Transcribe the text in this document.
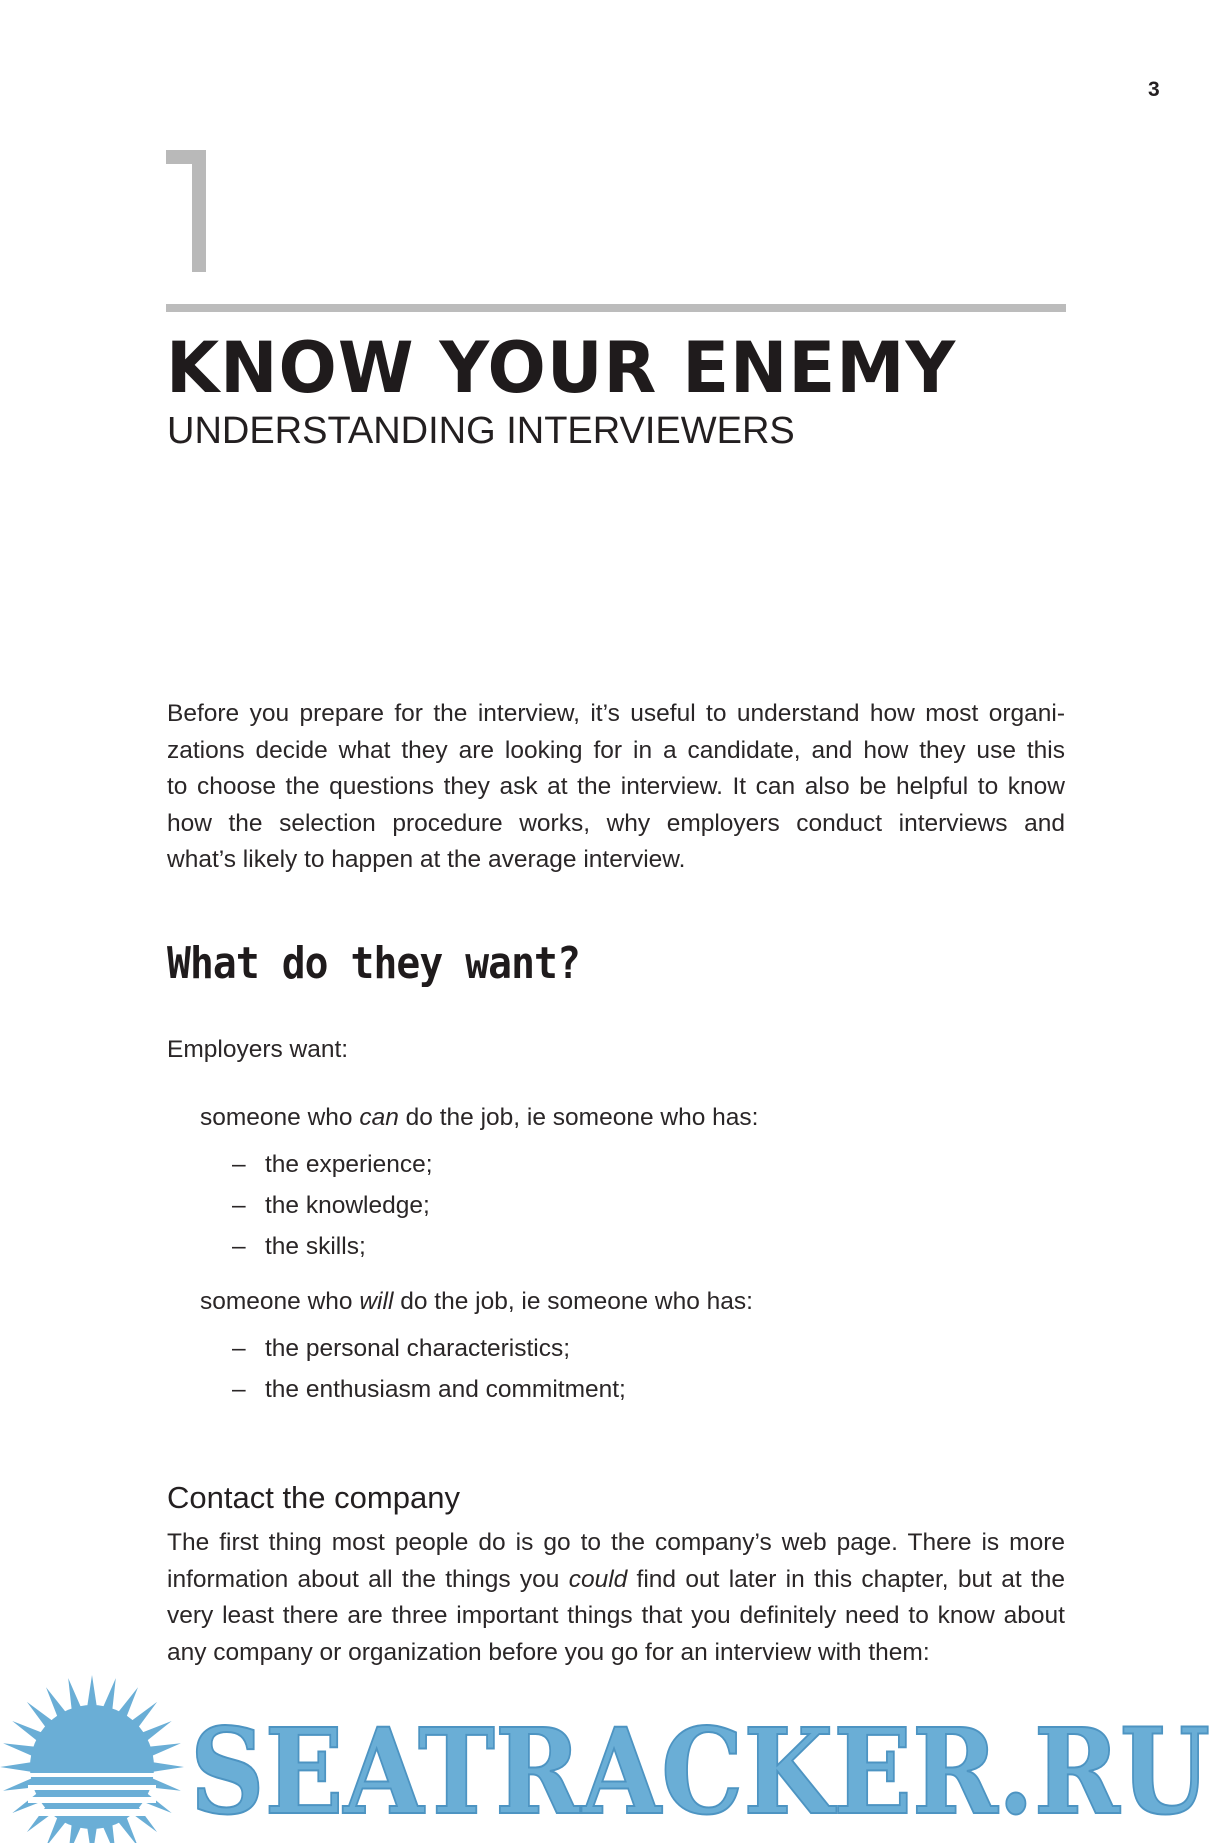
3
KNOW YOUR ENEMY
UNDERSTANDING INTERVIEWERS
Before you prepare for the interview, it’s useful to understand how most organi-
zations decide what they are looking for in a candidate, and how they use this
to choose the questions they ask at the interview. It can also be helpful to know
how the selection procedure works, why employers conduct interviews and
what’s likely to happen at the average interview.
What do they want?
Employers want:
someone who can do the job, ie someone who has:
– the experience;
– the knowledge;
– the skills;
someone who will do the job, ie someone who has:
– the personal characteristics;
– the enthusiasm and commitment;
Contact the company
The first thing most people do is go to the company’s web page. There is more
information about all the things you could find out later in this chapter, but at the
very least there are three important things that you definitely need to know about
any company or organization before you go for an interview with them:
SEATRACKER.RU
